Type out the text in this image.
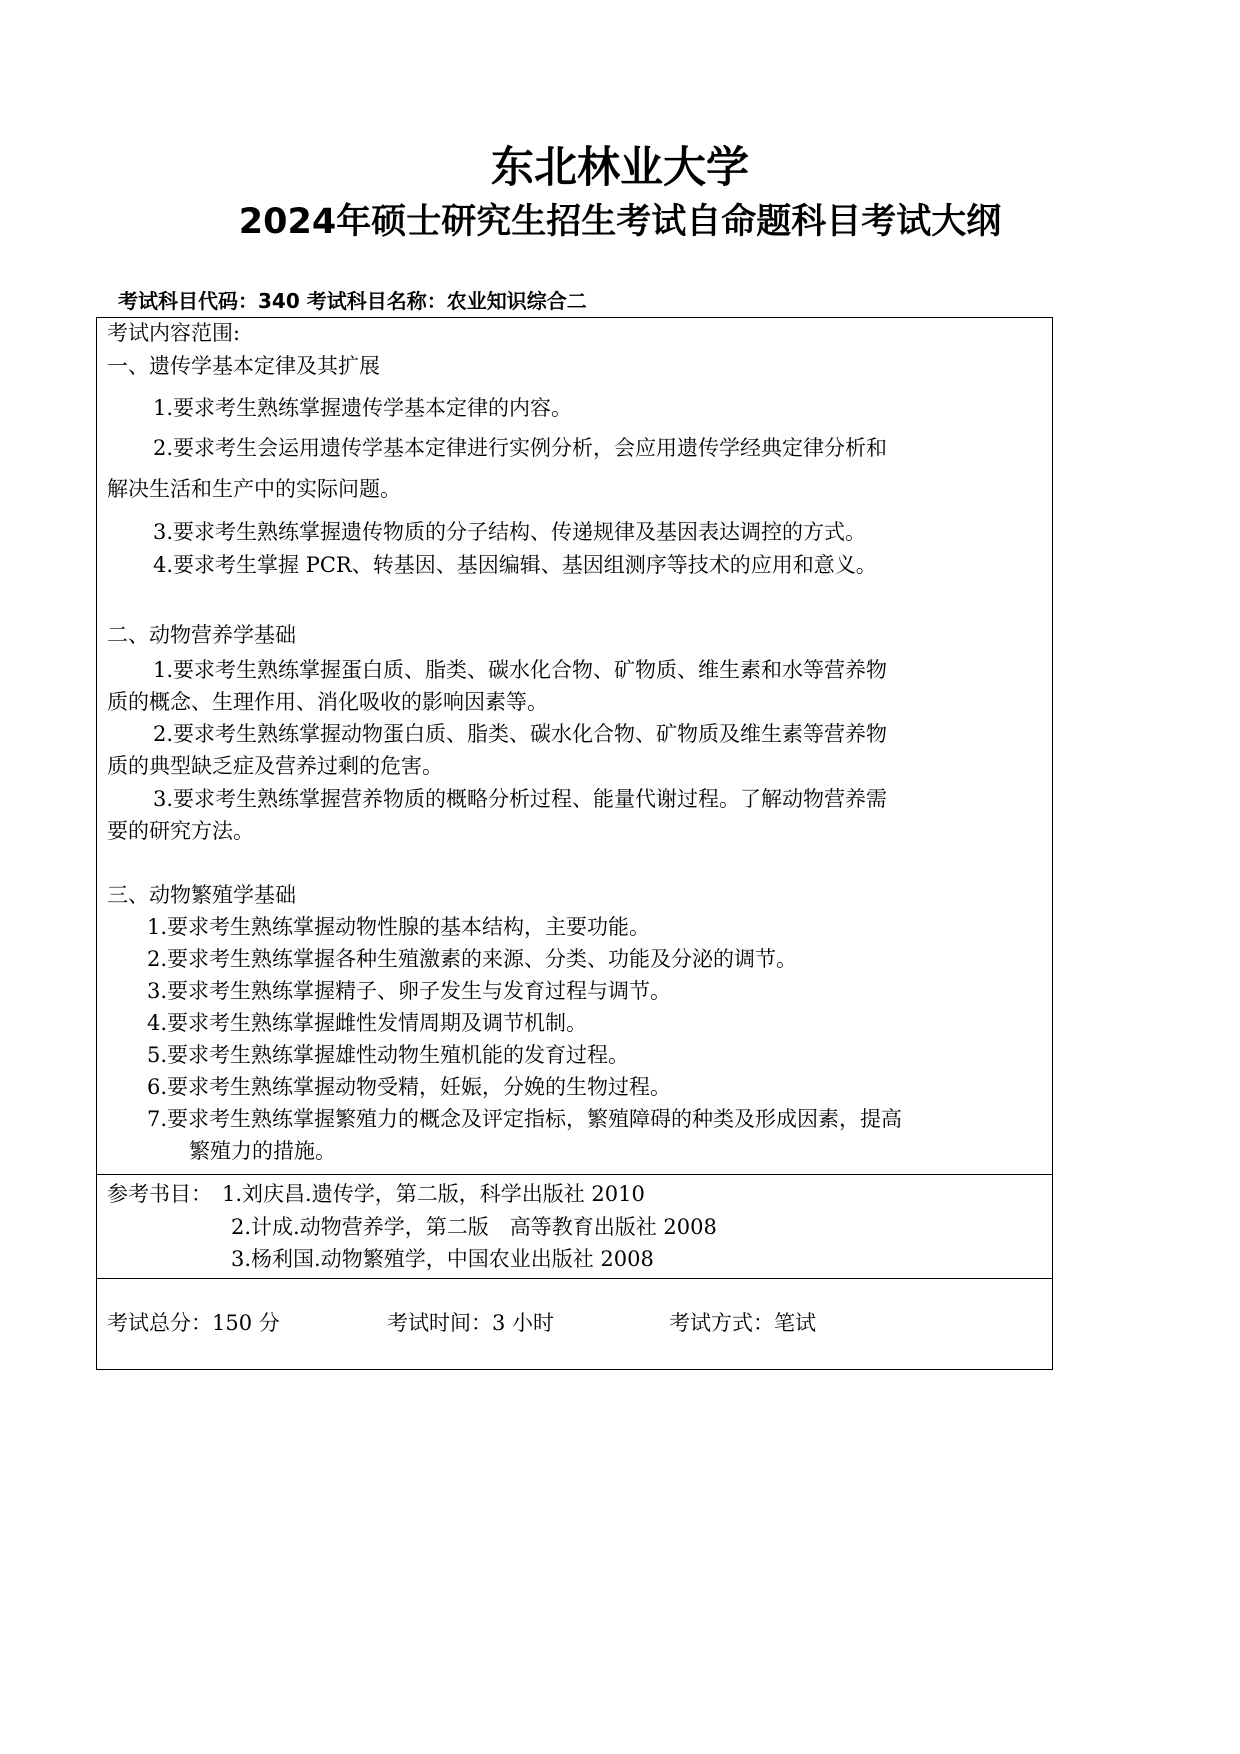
东北林业大学
2024年硕士研究生招生考试自命题科目考试大纲
考试科目代码：340 考试科目名称：农业知识综合二
考试内容范围:
一、遗传学基本定律及其扩展
1.要求考生熟练掌握遗传学基本定律的内容。
2.要求考生会运用遗传学基本定律进行实例分析，会应用遗传学经典定律分析和
解决生活和生产中的实际问题。
3.要求考生熟练掌握遗传物质的分子结构、传递规律及基因表达调控的方式。
4.要求考生掌握 PCR、转基因、基因编辑、基因组测序等技术的应用和意义。
二、动物营养学基础
1.要求考生熟练掌握蛋白质、脂类、碳水化合物、矿物质、维生素和水等营养物
质的概念、生理作用、消化吸收的影响因素等。
2.要求考生熟练掌握动物蛋白质、脂类、碳水化合物、矿物质及维生素等营养物
质的典型缺乏症及营养过剩的危害。
3.要求考生熟练掌握营养物质的概略分析过程、能量代谢过程。了解动物营养需
要的研究方法。
三、动物繁殖学基础
1.要求考生熟练掌握动物性腺的基本结构，主要功能。
2.要求考生熟练掌握各种生殖激素的来源、分类、功能及分泌的调节。
3.要求考生熟练掌握精子、卵子发生与发育过程与调节。
4.要求考生熟练掌握雌性发情周期及调节机制。
5.要求考生熟练掌握雄性动物生殖机能的发育过程。
6.要求考生熟练掌握动物受精，妊娠，分娩的生物过程。
7.要求考生熟练掌握繁殖力的概念及评定指标，繁殖障碍的种类及形成因素，提高
繁殖力的措施。
参考书目： 1.刘庆昌.遗传学，第二版，科学出版社 2010
2.计成.动物营养学，第二版　高等教育出版社 2008
3.杨利国.动物繁殖学，中国农业出版社 2008
考试总分：150 分	考试时间：3 小时	考试方式：笔试
